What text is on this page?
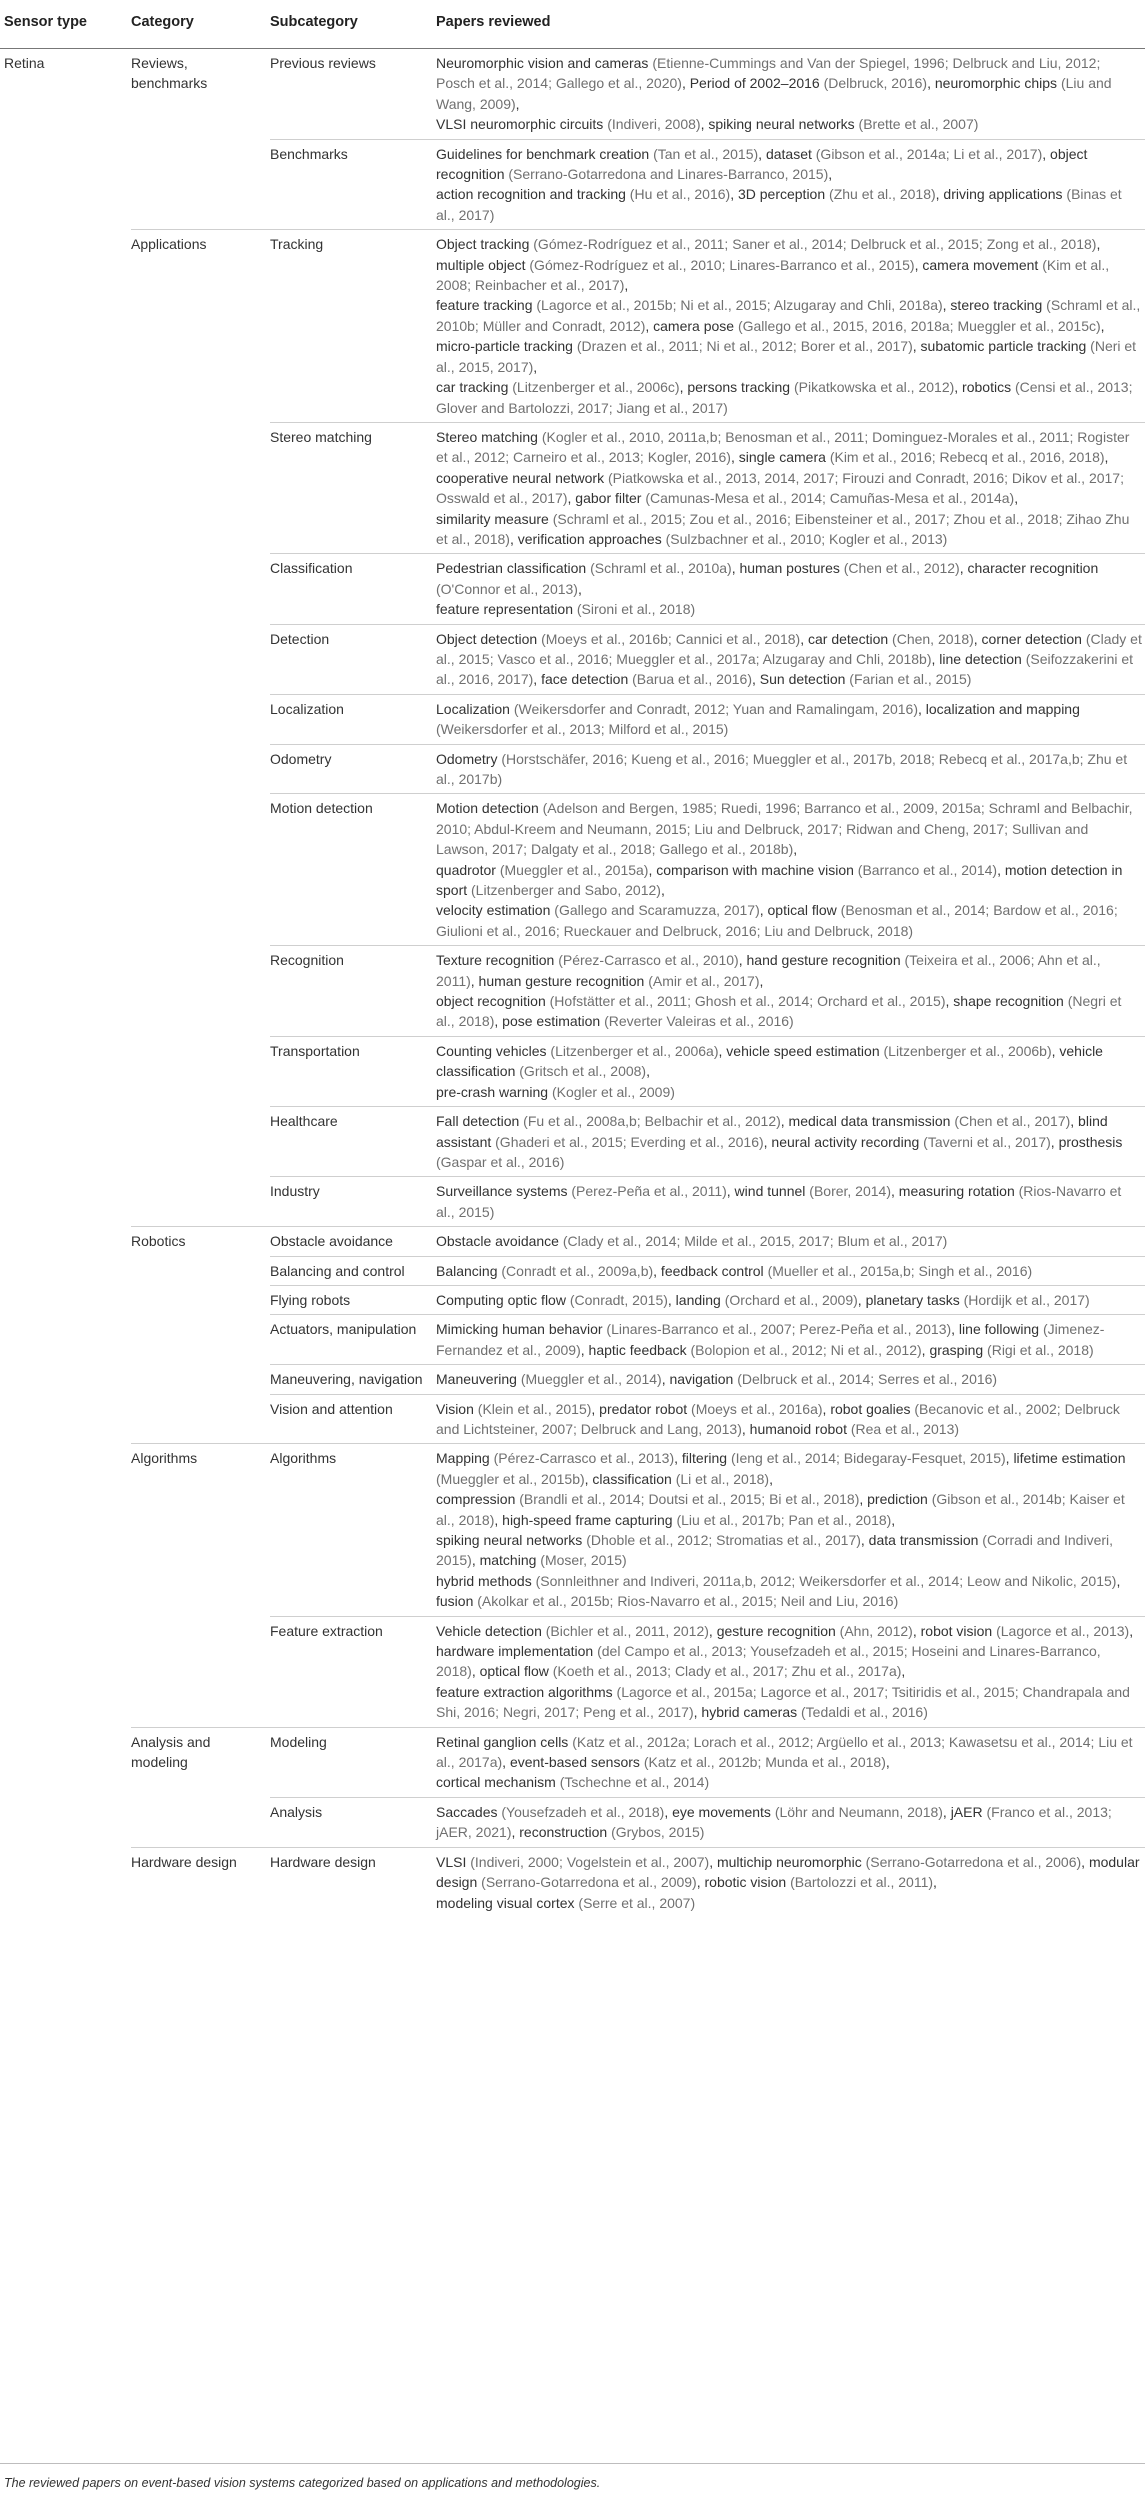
Sensor type	Category	Subcategory	Papers reviewed
Retina	Reviews, benchmarks	Previous reviews	Neuromorphic vision and cameras (Etienne-Cummings and Van der Spiegel, 1996; Delbruck and Liu, 2012; Posch et al., 2014; Gallego et al., 2020), Period of 2002–2016 (Delbruck, 2016), neuromorphic chips (Liu and Wang, 2009),
VLSI neuromorphic circuits (Indiveri, 2008), spiking neural networks (Brette et al., 2007)

		Benchmarks	Guidelines for benchmark creation (Tan et al., 2015), dataset (Gibson et al., 2014a; Li et al., 2017), object recognition (Serrano-Gotarredona and Linares-Barranco, 2015),
action recognition and tracking (Hu et al., 2016), 3D perception (Zhu et al., 2018), driving applications (Binas et al., 2017)

	Applications	Tracking	Object tracking (Gómez-Rodríguez et al., 2011; Saner et al., 2014; Delbruck et al., 2015; Zong et al., 2018), multiple object (Gómez-Rodríguez et al., 2010; Linares-Barranco et al., 2015), camera movement (Kim et al., 2008; Reinbacher et al., 2017),
feature tracking (Lagorce et al., 2015b; Ni et al., 2015; Alzugaray and Chli, 2018a), stereo tracking (Schraml et al., 2010b; Müller and Conradt, 2012), camera pose (Gallego et al., 2015, 2016, 2018a; Mueggler et al., 2015c),
micro-particle tracking (Drazen et al., 2011; Ni et al., 2012; Borer et al., 2017), subatomic particle tracking (Neri et al., 2015, 2017),
car tracking (Litzenberger et al., 2006c), persons tracking (Pikatkowska et al., 2012), robotics (Censi et al., 2013; Glover and Bartolozzi, 2017; Jiang et al., 2017)

		Stereo matching	Stereo matching (Kogler et al., 2010, 2011a,b; Benosman et al., 2011; Dominguez-Morales et al., 2011; Rogister et al., 2012; Carneiro et al., 2013; Kogler, 2016), single camera (Kim et al., 2016; Rebecq et al., 2016, 2018),
cooperative neural network (Piatkowska et al., 2013, 2014, 2017; Firouzi and Conradt, 2016; Dikov et al., 2017; Osswald et al., 2017), gabor filter (Camunas-Mesa et al., 2014; Camuñas-Mesa et al., 2014a),
similarity measure (Schraml et al., 2015; Zou et al., 2016; Eibensteiner et al., 2017; Zhou et al., 2018; Zihao Zhu et al., 2018), verification approaches (Sulzbachner et al., 2010; Kogler et al., 2013)

		Classification	Pedestrian classification (Schraml et al., 2010a), human postures (Chen et al., 2012), character recognition (O'Connor et al., 2013),
feature representation (Sironi et al., 2018)

		Detection	Object detection (Moeys et al., 2016b; Cannici et al., 2018), car detection (Chen, 2018), corner detection (Clady et al., 2015; Vasco et al., 2016; Mueggler et al., 2017a; Alzugaray and Chli, 2018b), line detection (Seifozzakerini et al., 2016, 2017), face detection (Barua et al., 2016), Sun detection (Farian et al., 2015)

		Localization	Localization (Weikersdorfer and Conradt, 2012; Yuan and Ramalingam, 2016), localization and mapping (Weikersdorfer et al., 2013; Milford et al., 2015)

		Odometry	Odometry (Horstschäfer, 2016; Kueng et al., 2016; Mueggler et al., 2017b, 2018; Rebecq et al., 2017a,b; Zhu et al., 2017b)

		Motion detection	Motion detection (Adelson and Bergen, 1985; Ruedi, 1996; Barranco et al., 2009, 2015a; Schraml and Belbachir, 2010; Abdul-Kreem and Neumann, 2015; Liu and Delbruck, 2017; Ridwan and Cheng, 2017; Sullivan and Lawson, 2017; Dalgaty et al., 2018; Gallego et al., 2018b),
quadrotor (Mueggler et al., 2015a), comparison with machine vision (Barranco et al., 2014), motion detection in sport (Litzenberger and Sabo, 2012),
velocity estimation (Gallego and Scaramuzza, 2017), optical flow (Benosman et al., 2014; Bardow et al., 2016; Giulioni et al., 2016; Rueckauer and Delbruck, 2016; Liu and Delbruck, 2018)

		Recognition	Texture recognition (Pérez-Carrasco et al., 2010), hand gesture recognition (Teixeira et al., 2006; Ahn et al., 2011), human gesture recognition (Amir et al., 2017),
object recognition (Hofstätter et al., 2011; Ghosh et al., 2014; Orchard et al., 2015), shape recognition (Negri et al., 2018), pose estimation (Reverter Valeiras et al., 2016)

		Transportation	Counting vehicles (Litzenberger et al., 2006a), vehicle speed estimation (Litzenberger et al., 2006b), vehicle classification (Gritsch et al., 2008),
pre-crash warning (Kogler et al., 2009)

		Healthcare	Fall detection (Fu et al., 2008a,b; Belbachir et al., 2012), medical data transmission (Chen et al., 2017), blind assistant (Ghaderi et al., 2015; Everding et al., 2016), neural activity recording (Taverni et al., 2017), prosthesis (Gaspar et al., 2016)

		Industry	Surveillance systems (Perez-Peña et al., 2011), wind tunnel (Borer, 2014), measuring rotation (Rios-Navarro et al., 2015)

	Robotics	Obstacle avoidance	Obstacle avoidance (Clady et al., 2014; Milde et al., 2015, 2017; Blum et al., 2017)

		Balancing and control	Balancing (Conradt et al., 2009a,b), feedback control (Mueller et al., 2015a,b; Singh et al., 2016)

		Flying robots	Computing optic flow (Conradt, 2015), landing (Orchard et al., 2009), planetary tasks (Hordijk et al., 2017)

		Actuators, manipulation	Mimicking human behavior (Linares-Barranco et al., 2007; Perez-Peña et al., 2013), line following (Jimenez-Fernandez et al., 2009), haptic feedback (Bolopion et al., 2012; Ni et al., 2012), grasping (Rigi et al., 2018)

		Maneuvering, navigation	Maneuvering (Mueggler et al., 2014), navigation (Delbruck et al., 2014; Serres et al., 2016)

		Vision and attention	Vision (Klein et al., 2015), predator robot (Moeys et al., 2016a), robot goalies (Becanovic et al., 2002; Delbruck and Lichtsteiner, 2007; Delbruck and Lang, 2013), humanoid robot (Rea et al., 2013)

	Algorithms	Algorithms	Mapping (Pérez-Carrasco et al., 2013), filtering (Ieng et al., 2014; Bidegaray-Fesquet, 2015), lifetime estimation (Mueggler et al., 2015b), classification (Li et al., 2018),
compression (Brandli et al., 2014; Doutsi et al., 2015; Bi et al., 2018), prediction (Gibson et al., 2014b; Kaiser et al., 2018), high-speed frame capturing (Liu et al., 2017b; Pan et al., 2018),
spiking neural networks (Dhoble et al., 2012; Stromatias et al., 2017), data transmission (Corradi and Indiveri, 2015), matching (Moser, 2015)
hybrid methods (Sonnleithner and Indiveri, 2011a,b, 2012; Weikersdorfer et al., 2014; Leow and Nikolic, 2015), fusion (Akolkar et al., 2015b; Rios-Navarro et al., 2015; Neil and Liu, 2016)

		Feature extraction	Vehicle detection (Bichler et al., 2011, 2012), gesture recognition (Ahn, 2012), robot vision (Lagorce et al., 2013),
hardware implementation (del Campo et al., 2013; Yousefzadeh et al., 2015; Hoseini and Linares-Barranco, 2018), optical flow (Koeth et al., 2013; Clady et al., 2017; Zhu et al., 2017a),
feature extraction algorithms (Lagorce et al., 2015a; Lagorce et al., 2017; Tsitiridis et al., 2015; Chandrapala and Shi, 2016; Negri, 2017; Peng et al., 2017), hybrid cameras (Tedaldi et al., 2016)

	Analysis and modeling	Modeling	Retinal ganglion cells (Katz et al., 2012a; Lorach et al., 2012; Argüello et al., 2013; Kawasetsu et al., 2014; Liu et al., 2017a), event-based sensors (Katz et al., 2012b; Munda et al., 2018),
cortical mechanism (Tschechne et al., 2014)

		Analysis	Saccades (Yousefzadeh et al., 2018), eye movements (Löhr and Neumann, 2018), jAER (Franco et al., 2013; jAER, 2021), reconstruction (Grybos, 2015)

	Hardware design	Hardware design	VLSI (Indiveri, 2000; Vogelstein et al., 2007), multichip neuromorphic (Serrano-Gotarredona et al., 2006), modular design (Serrano-Gotarredona et al., 2009), robotic vision (Bartolozzi et al., 2011),
modeling visual cortex (Serre et al., 2007)
The reviewed papers on event-based vision systems categorized based on applications and methodologies.
